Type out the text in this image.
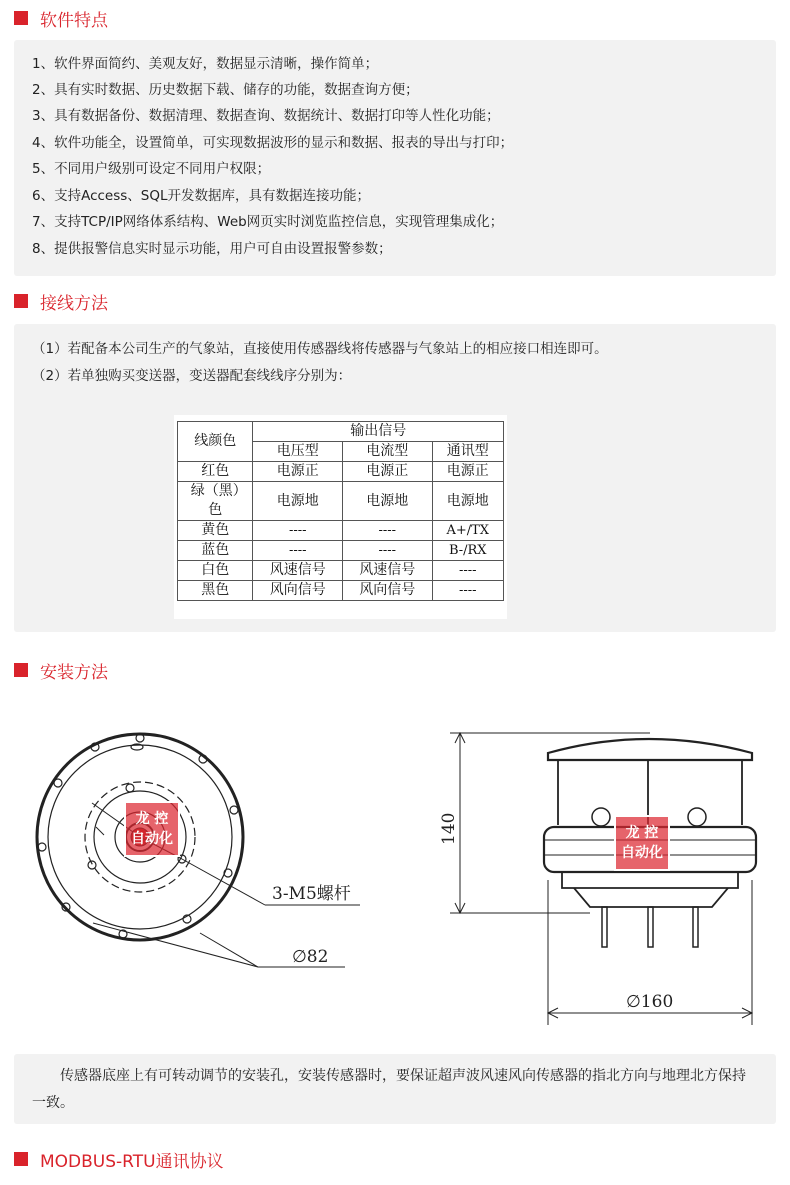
软件特点
1、软件界面简约、美观友好，数据显示清晰，操作简单；
2、具有实时数据、历史数据下载、储存的功能，数据查询方便；
3、具有数据备份、数据清理、数据查询、数据统计、数据打印等人性化功能；
4、软件功能全，设置简单，可实现数据波形的显示和数据、报表的导出与打印；
5、不同用户级别可设定不同用户权限；
6、支持Access、SQL开发数据库，具有数据连接功能；
7、支持TCP/IP网络体系结构、Web网页实时浏览监控信息，实现管理集成化；
8、提供报警信息实时显示功能，用户可自由设置报警参数；
接线方法
（1）若配备本公司生产的气象站，直接使用传感器线将传感器与气象站上的相应接口相连即可。
（2）若单独购买变送器，变送器配套线线序分别为：
线颜色	输出信号		
	电压型	电流型	通讯型
红色	电源正	电源正	电源正
绿（黑）色	电源地	电源地	电源地
黄色	----	----	A+/TX
蓝色	----	----	B-/RX
白色	风速信号	风速信号	----
黑色	风向信号	风向信号	----
安装方法
3-M5螺杆
∅82
140
∅160
龙 控
自动化	龙 控
自动化
传感器底座上有可转动调节的安装孔，安装传感器时，要保证超声波风速风向传感器的指北方向与地理北方保持一致。
MODBUS-RTU通讯协议
